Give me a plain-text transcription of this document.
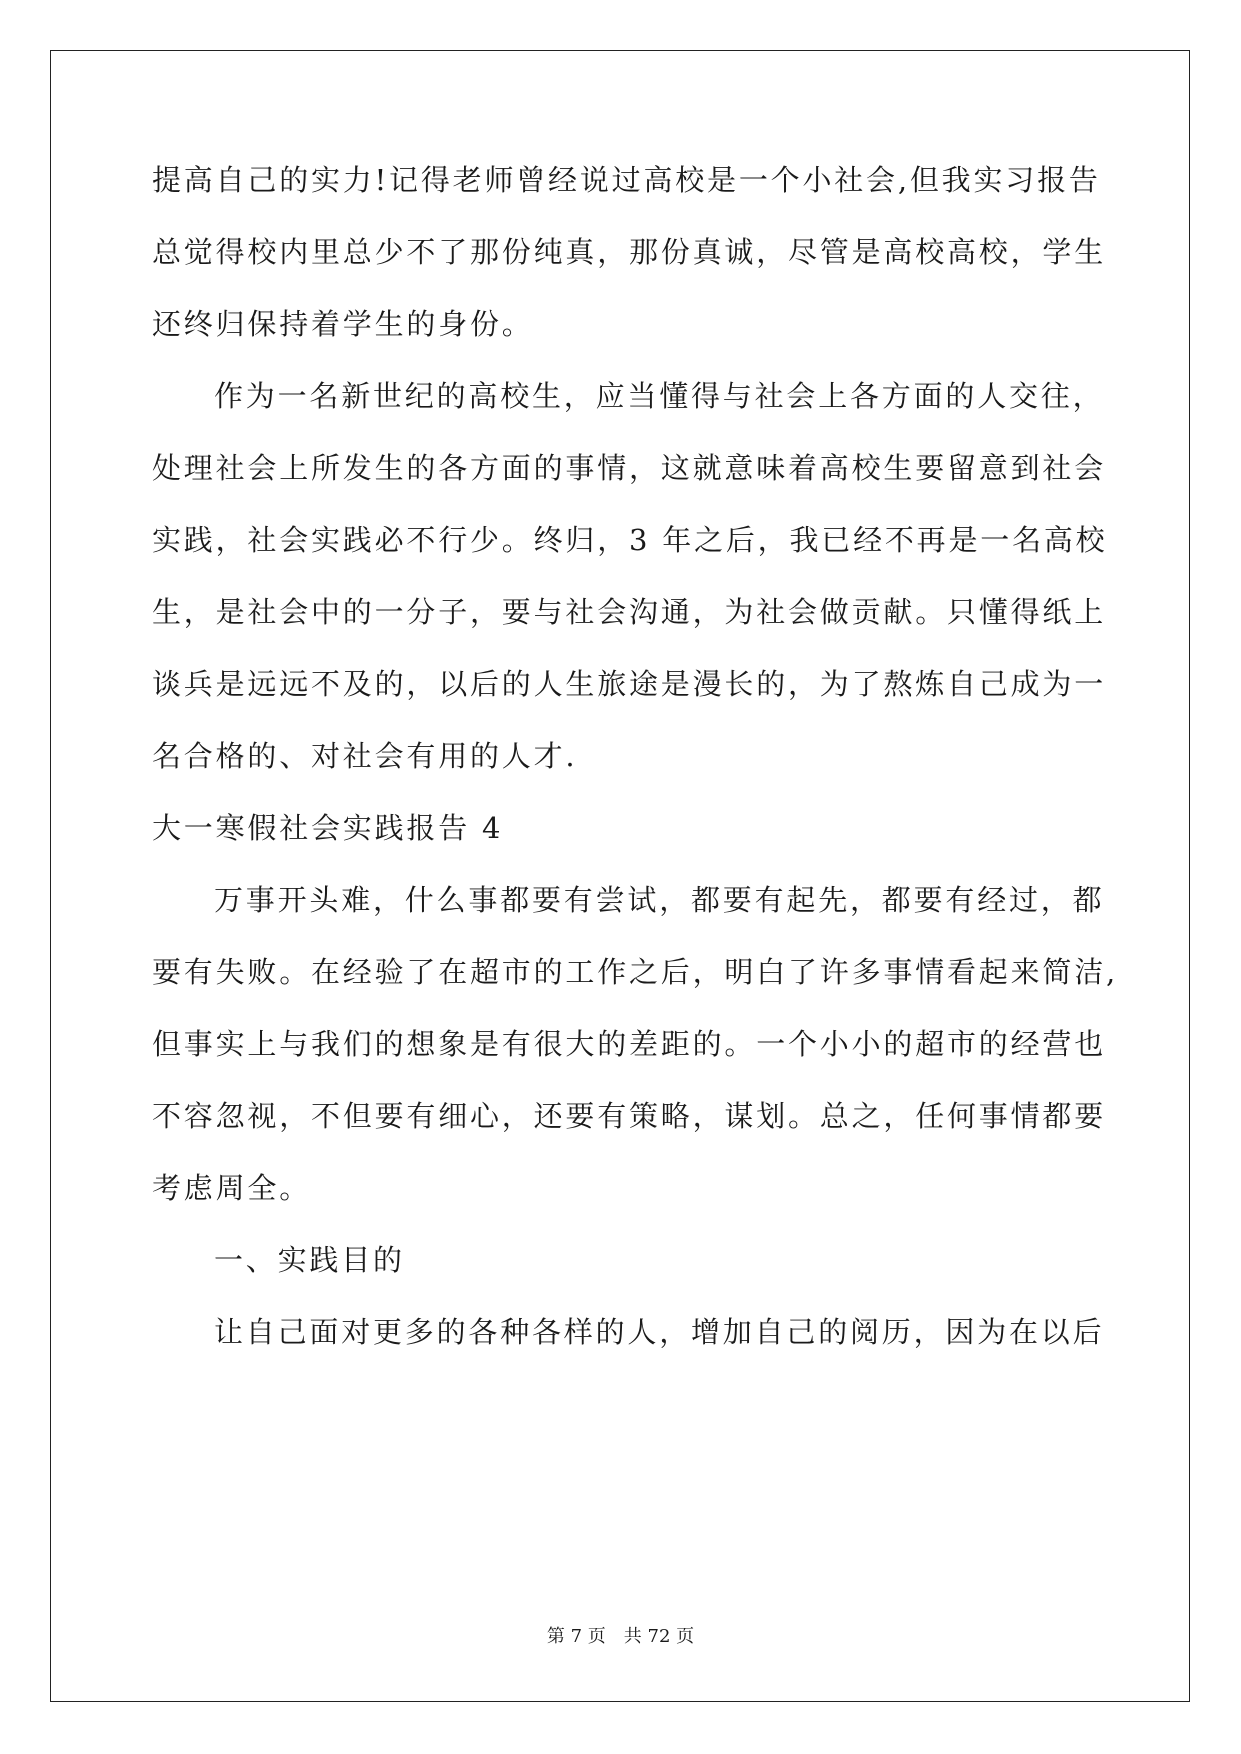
提高自己的实力!记得老师曾经说过高校是一个小社会,但我实习报告
总觉得校内里总少不了那份纯真，那份真诚，尽管是高校高校，学生
还终归保持着学生的身份。
作为一名新世纪的高校生，应当懂得与社会上各方面的人交往，
处理社会上所发生的各方面的事情，这就意味着高校生要留意到社会
实践，社会实践必不行少。终归，3 年之后，我已经不再是一名高校
生，是社会中的一分子，要与社会沟通，为社会做贡献。只懂得纸上
谈兵是远远不及的，以后的人生旅途是漫长的，为了熬炼自己成为一
名合格的、对社会有用的人才.
大一寒假社会实践报告 4
万事开头难，什么事都要有尝试，都要有起先，都要有经过，都
要有失败。在经验了在超市的工作之后，明白了许多事情看起来简洁,
但事实上与我们的想象是有很大的差距的。一个小小的超市的经营也
不容忽视，不但要有细心，还要有策略，谋划。总之，任何事情都要
考虑周全。
一、实践目的
让自己面对更多的各种各样的人，增加自己的阅历，因为在以后
第 7 页　共 72 页
